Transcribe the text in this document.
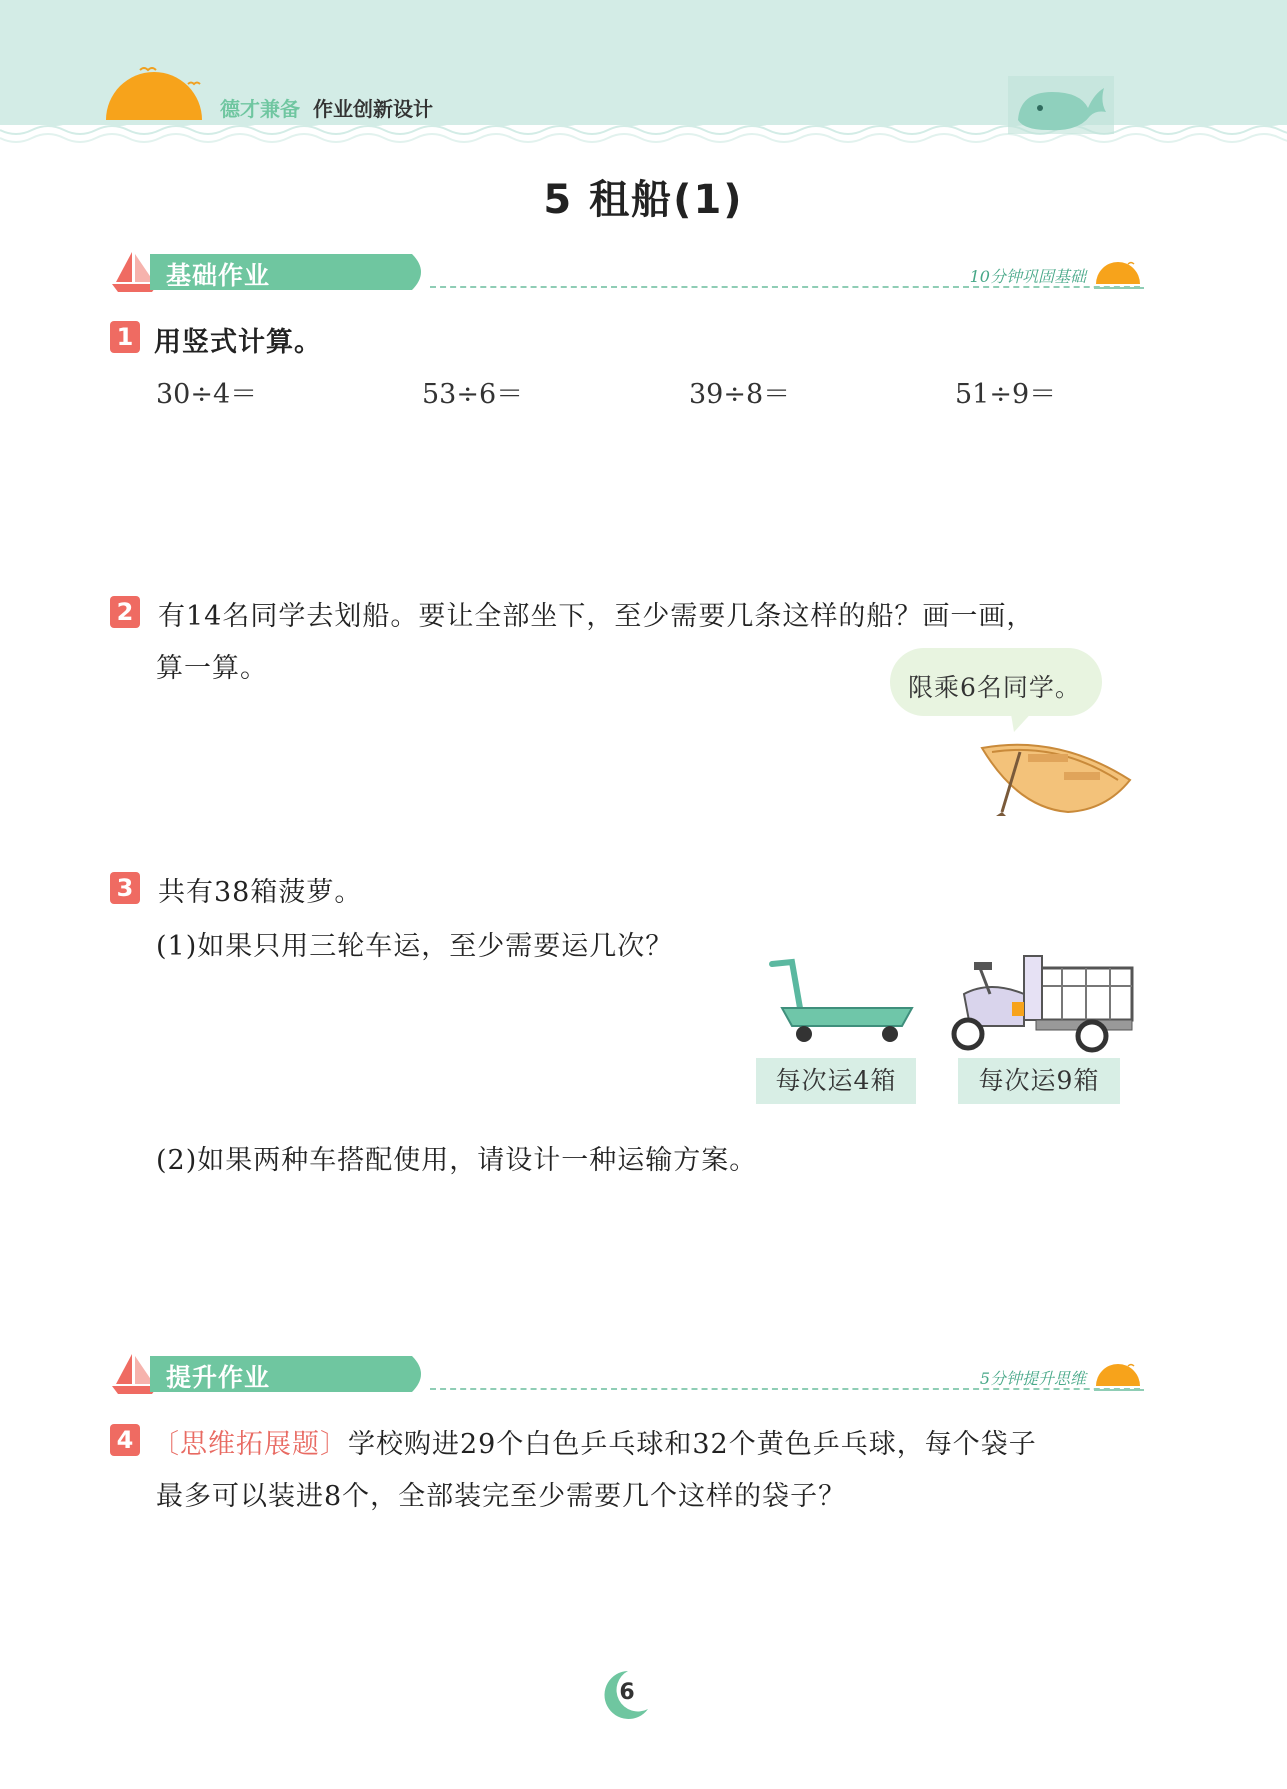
德才兼备 作业创新设计
5 租船(1)
基础作业	10分钟巩固基础
1 用竖式计算。
30÷4＝	53÷6＝	39÷8＝	51÷9＝
2 有14名同学去划船。要让全部坐下，至少需要几条这样的船？画一画，
算一算。
限乘6名同学。
3 共有38箱菠萝。
(1)如果只用三轮车运，至少需要运几次？
每次运4箱	每次运9箱
(2)如果两种车搭配使用，请设计一种运输方案。
提升作业	5分钟提升思维
4 〔思维拓展题〕学校购进29个白色乒乓球和32个黄色乒乓球，每个袋子
最多可以装进8个，全部装完至少需要几个这样的袋子？
6
